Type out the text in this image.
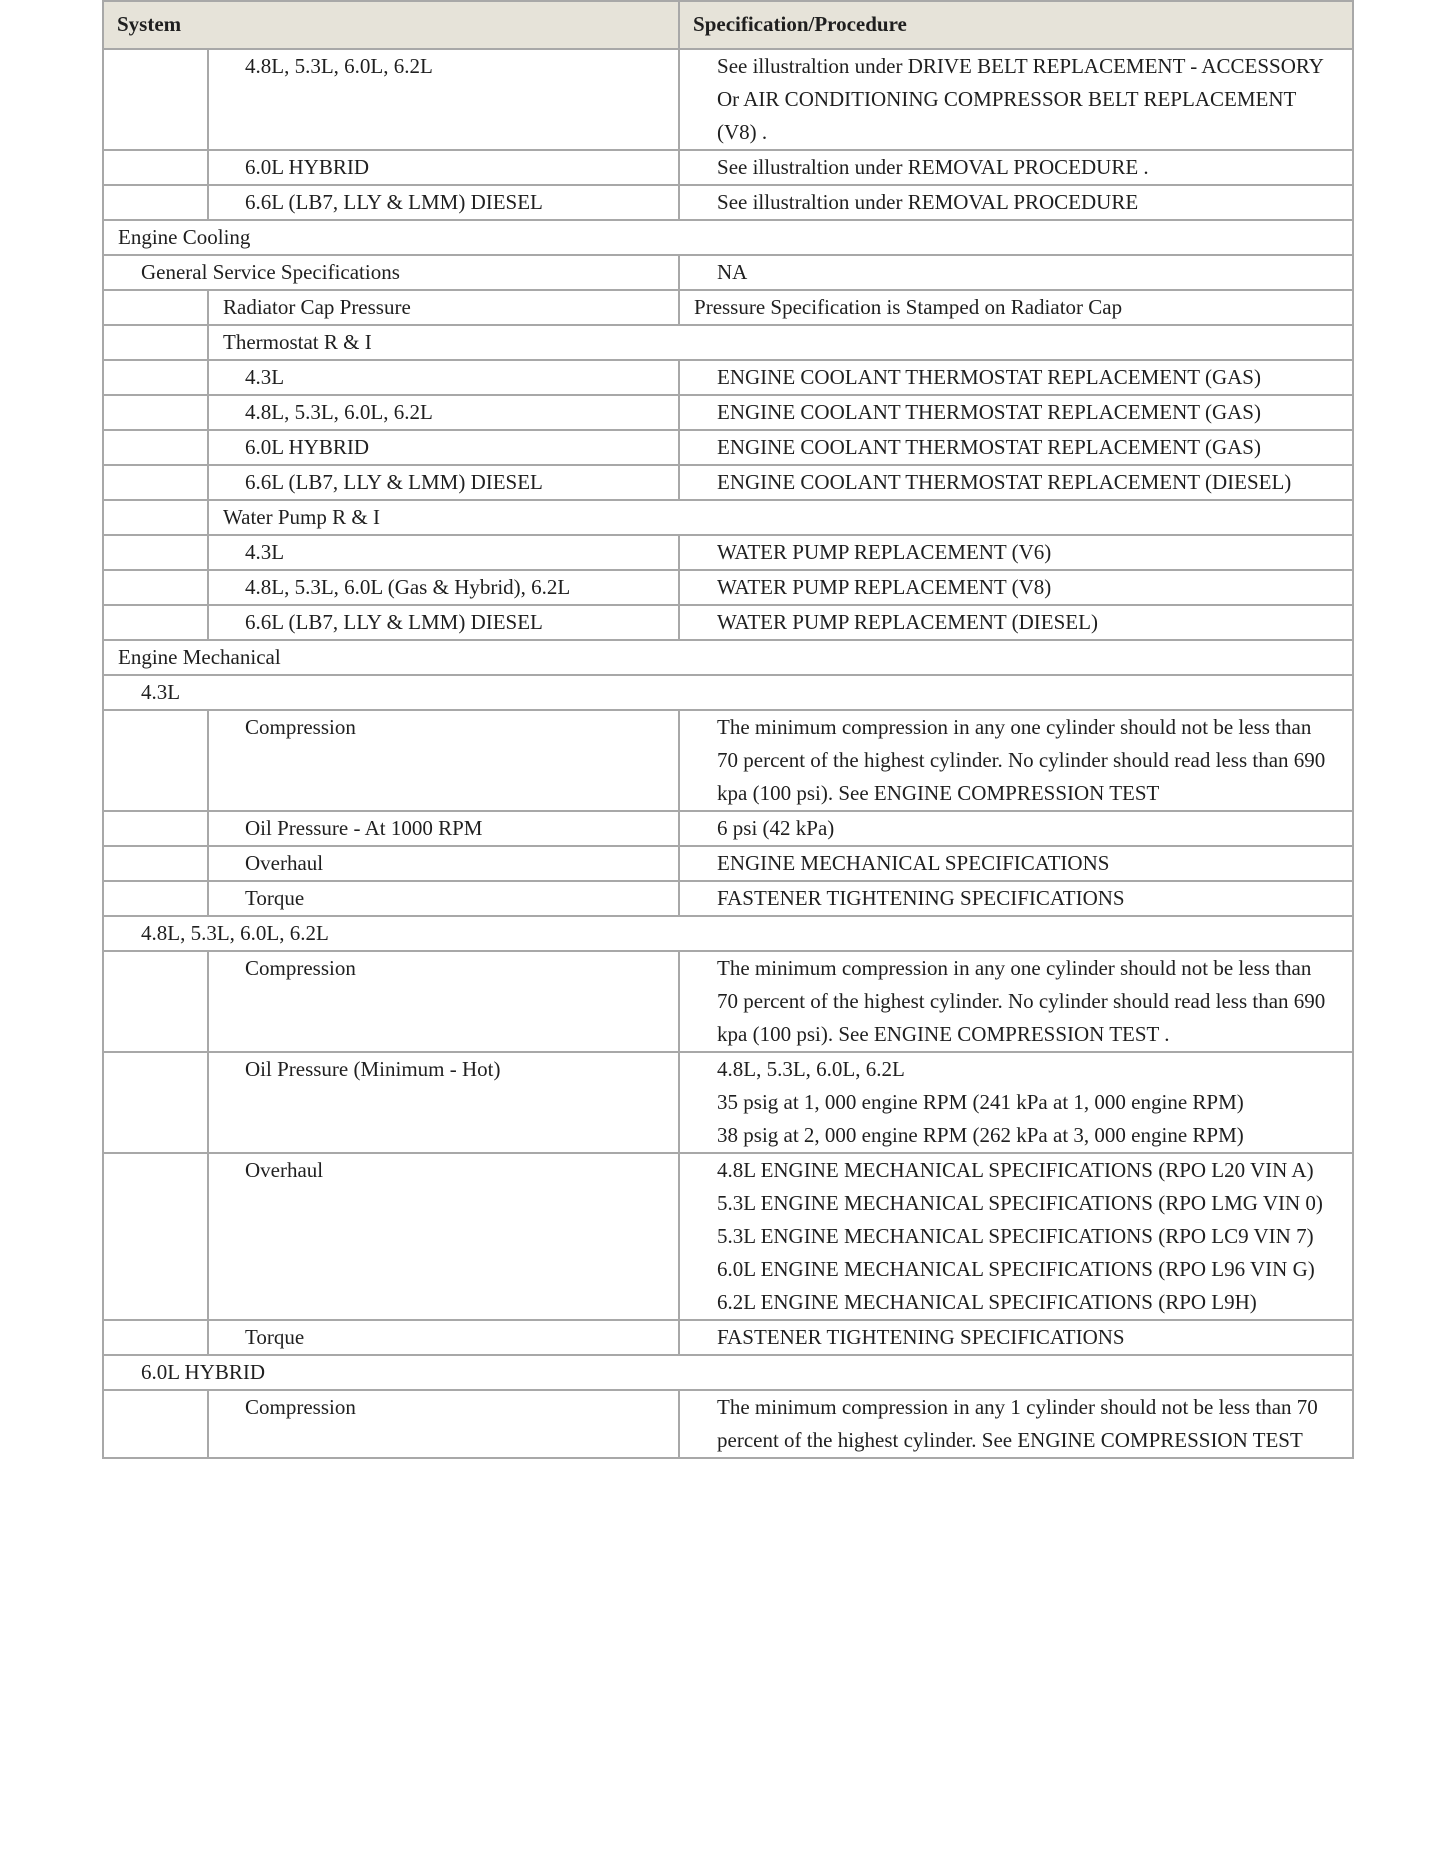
System		Specification/Procedure
	4.8L, 5.3L, 6.0L, 6.2L	See illustraltion under DRIVE BELT REPLACEMENT - ACCESSORY
Or AIR CONDITIONING COMPRESSOR BELT REPLACEMENT
(V8) .

	6.0L HYBRID	See illustraltion under REMOVAL PROCEDURE .

	6.6L (LB7, LLY & LMM) DIESEL	See illustraltion under REMOVAL PROCEDURE

Engine Cooling		
General Service Specifications		NA

	Radiator Cap Pressure	Pressure Specification is Stamped on Radiator Cap

	Thermostat R & I	
	4.3L	ENGINE COOLANT THERMOSTAT REPLACEMENT (GAS)

	4.8L, 5.3L, 6.0L, 6.2L	ENGINE COOLANT THERMOSTAT REPLACEMENT (GAS)

	6.0L HYBRID	ENGINE COOLANT THERMOSTAT REPLACEMENT (GAS)

	6.6L (LB7, LLY & LMM) DIESEL	ENGINE COOLANT THERMOSTAT REPLACEMENT (DIESEL)

	Water Pump R & I	
	4.3L	WATER PUMP REPLACEMENT (V6)

	4.8L, 5.3L, 6.0L (Gas & Hybrid), 6.2L	WATER PUMP REPLACEMENT (V8)

	6.6L (LB7, LLY & LMM) DIESEL	WATER PUMP REPLACEMENT (DIESEL)

Engine Mechanical		
4.3L		
	Compression	The minimum compression in any one cylinder should not be less than
70 percent of the highest cylinder. No cylinder should read less than 690
kpa (100 psi). See ENGINE COMPRESSION TEST

	Oil Pressure - At 1000 RPM	6 psi (42 kPa)

	Overhaul	ENGINE MECHANICAL SPECIFICATIONS

	Torque	FASTENER TIGHTENING SPECIFICATIONS

4.8L, 5.3L, 6.0L, 6.2L		
	Compression	The minimum compression in any one cylinder should not be less than
70 percent of the highest cylinder. No cylinder should read less than 690
kpa (100 psi). See ENGINE COMPRESSION TEST .

	Oil Pressure (Minimum - Hot)	4.8L, 5.3L, 6.0L, 6.2L
35 psig at 1, 000 engine RPM (241 kPa at 1, 000 engine RPM)
38 psig at 2, 000 engine RPM (262 kPa at 3, 000 engine RPM)

	Overhaul	4.8L ENGINE MECHANICAL SPECIFICATIONS (RPO L20 VIN A)
5.3L ENGINE MECHANICAL SPECIFICATIONS (RPO LMG VIN 0)
5.3L ENGINE MECHANICAL SPECIFICATIONS (RPO LC9 VIN 7)
6.0L ENGINE MECHANICAL SPECIFICATIONS (RPO L96 VIN G)
6.2L ENGINE MECHANICAL SPECIFICATIONS (RPO L9H)

	Torque	FASTENER TIGHTENING SPECIFICATIONS

6.0L HYBRID		
	Compression	The minimum compression in any 1 cylinder should not be less than 70
percent of the highest cylinder. See ENGINE COMPRESSION TEST
